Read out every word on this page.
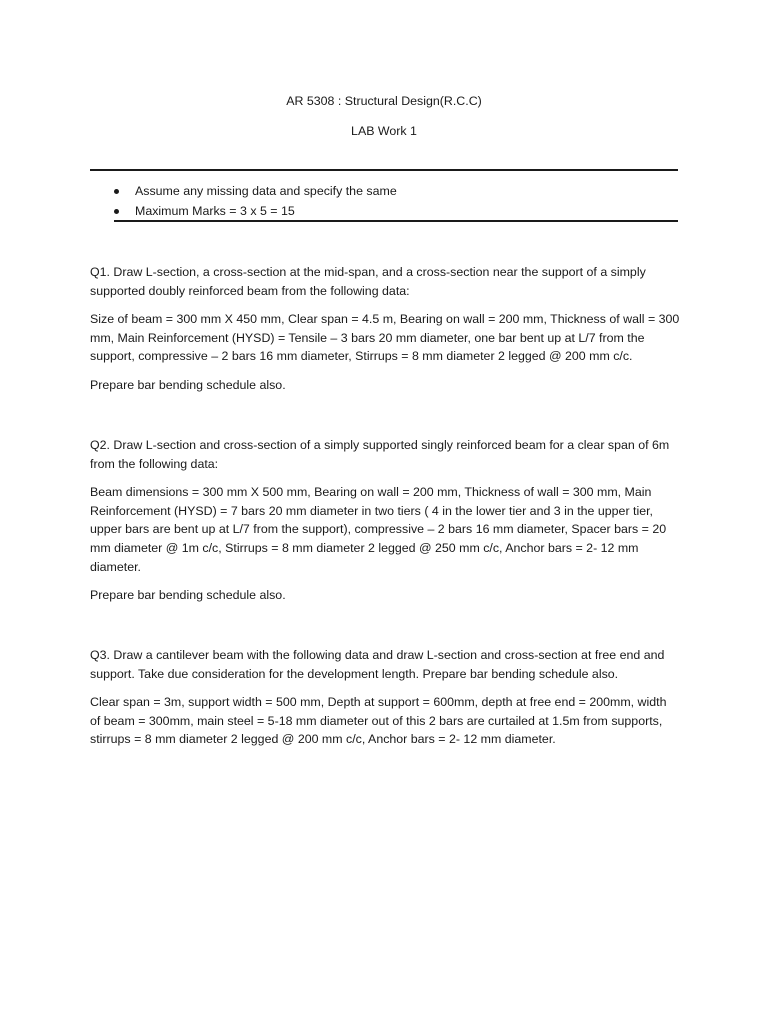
AR 5308 : Structural Design(R.C.C)
LAB Work 1
Assume any missing data and specify the same
Maximum Marks = 3 x 5 = 15

Q1. Draw L-section, a cross-section at the mid-span, and a cross-section near the support of a simply supported doubly reinforced beam from the following data:

Size of beam = 300 mm X 450 mm, Clear span = 4.5 m, Bearing on wall = 200 mm, Thickness of wall = 300 mm, Main Reinforcement (HYSD) = Tensile – 3 bars 20 mm diameter, one bar bent up at L/7 from the support, compressive – 2 bars 16 mm diameter, Stirrups = 8 mm diameter 2 legged @ 200 mm c/c.

Prepare bar bending schedule also.

Q2. Draw L-section and cross-section of a simply supported singly reinforced beam for a clear span of 6m from the following data:

Beam dimensions = 300 mm X 500 mm, Bearing on wall = 200 mm, Thickness of wall = 300 mm, Main Reinforcement (HYSD) = 7 bars 20 mm diameter in two tiers ( 4 in the lower tier and 3 in the upper tier, upper bars are bent up at L/7 from the support), compressive – 2 bars 16 mm diameter, Spacer bars = 20 mm diameter @ 1m c/c, Stirrups = 8 mm diameter 2 legged @ 250 mm c/c, Anchor bars = 2- 12 mm diameter.

Prepare bar bending schedule also.

Q3. Draw a cantilever beam with the following data and draw L-section and cross-section at free end and support. Take due consideration for the development length. Prepare bar bending schedule also.

Clear span = 3m, support width = 500 mm, Depth at support = 600mm, depth at free end = 200mm, width of beam = 300mm, main steel = 5-18 mm diameter out of this 2 bars are curtailed at 1.5m from supports, stirrups = 8 mm diameter 2 legged @ 200 mm c/c, Anchor bars = 2- 12 mm diameter.
